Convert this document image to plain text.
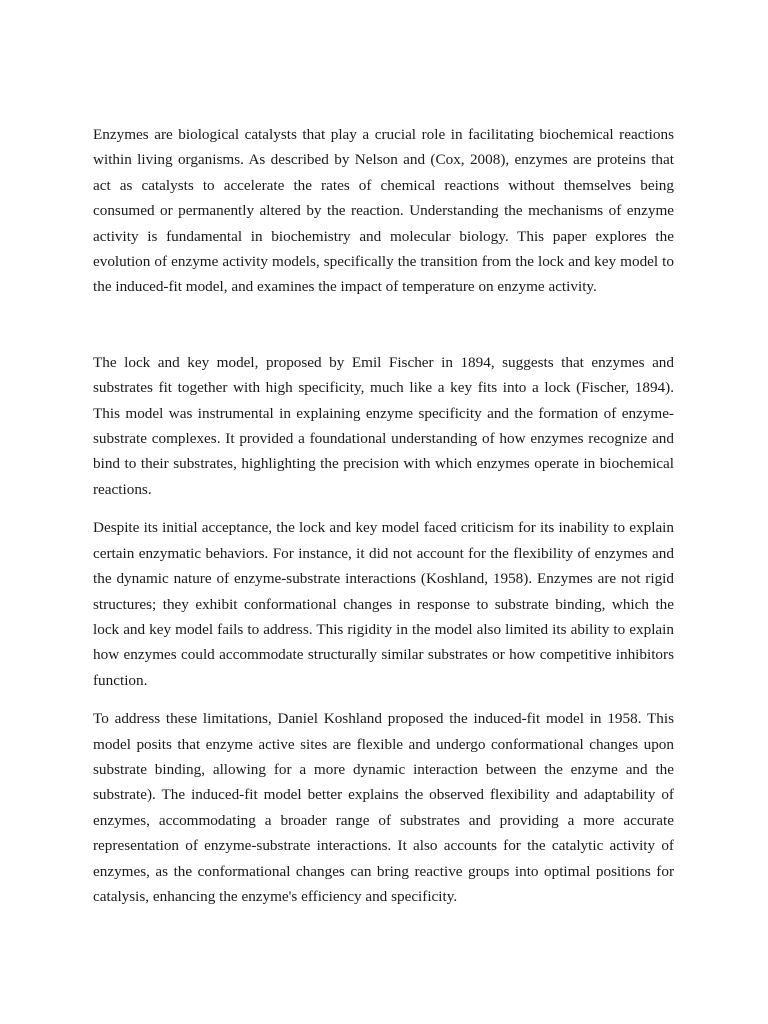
Enzymes are biological catalysts that play a crucial role in facilitating biochemical reactions within living organisms. As described by Nelson and (Cox, 2008), enzymes are proteins that act as catalysts to accelerate the rates of chemical reactions without themselves being consumed or permanently altered by the reaction. Understanding the mechanisms of enzyme activity is fundamental in biochemistry and molecular biology. This paper explores the evolution of enzyme activity models, specifically the transition from the lock and key model to the induced-fit model, and examines the impact of temperature on enzyme activity.

The lock and key model, proposed by Emil Fischer in 1894, suggests that enzymes and substrates fit together with high specificity, much like a key fits into a lock (Fischer, 1894). This model was instrumental in explaining enzyme specificity and the formation of enzyme-substrate complexes. It provided a foundational understanding of how enzymes recognize and bind to their substrates, highlighting the precision with which enzymes operate in biochemical reactions.

Despite its initial acceptance, the lock and key model faced criticism for its inability to explain certain enzymatic behaviors. For instance, it did not account for the flexibility of enzymes and the dynamic nature of enzyme-substrate interactions (Koshland, 1958). Enzymes are not rigid structures; they exhibit conformational changes in response to substrate binding, which the lock and key model fails to address. This rigidity in the model also limited its ability to explain how enzymes could accommodate structurally similar substrates or how competitive inhibitors function.

To address these limitations, Daniel Koshland proposed the induced-fit model in 1958. This model posits that enzyme active sites are flexible and undergo conformational changes upon substrate binding, allowing for a more dynamic interaction between the enzyme and the substrate). The induced-fit model better explains the observed flexibility and adaptability of enzymes, accommodating a broader range of substrates and providing a more accurate representation of enzyme-substrate interactions. It also accounts for the catalytic activity of enzymes, as the conformational changes can bring reactive groups into optimal positions for catalysis, enhancing the enzyme's efficiency and specificity.
